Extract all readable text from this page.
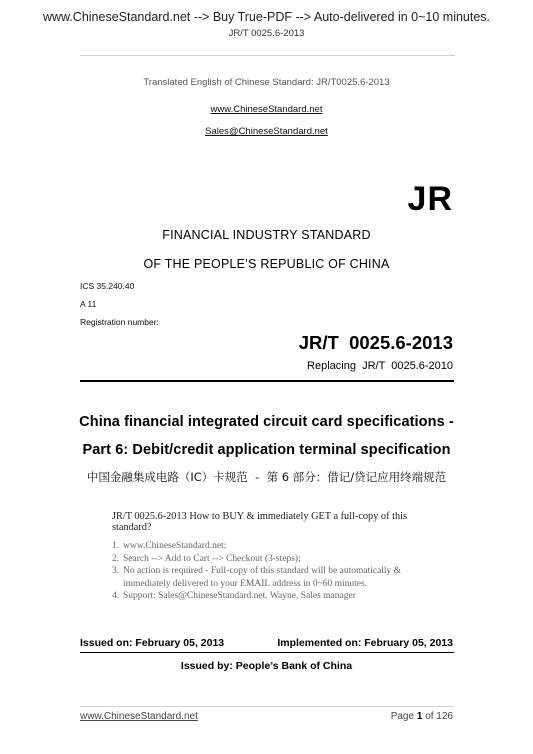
www.ChineseStandard.net --> Buy True-PDF --> Auto-delivered in 0~10 minutes.
JR/T 0025.6-2013
Translated English of Chinese Standard: JR/T0025.6-2013
www.ChineseStandard.net
Sales@ChineseStandard.net
JR
FINANCIAL INDUSTRY STANDARD
OF THE PEOPLE’S REPUBLIC OF CHINA
ICS 35.240.40
A 11
Registration number:
JR/T  0025.6-2013
Replacing  JR/T  0025.6-2010
China financial integrated circuit card specifications -
Part 6: Debit/credit application terminal specification
中国金融集成电路（IC）卡规范  -  第 6 部分：借记/贷记应用终端规范
JR/T 0025.6-2013 How to BUY & immediately GET a full-copy of this standard?
1. www.ChineseStandard.net;
2. Search --> Add to Cart --> Checkout (3-steps);
3. No action is required - Full-copy of this standard will be automatically & immediately delivered to your EMAIL address in 0~60 minutes.
4. Support: Sales@ChineseStandard.net. Wayne, Sales manager
Issued on: February 05, 2013	Implemented on: February 05, 2013
Issued by: People’s Bank of China
www.ChineseStandard.net	Page 1 of 126
